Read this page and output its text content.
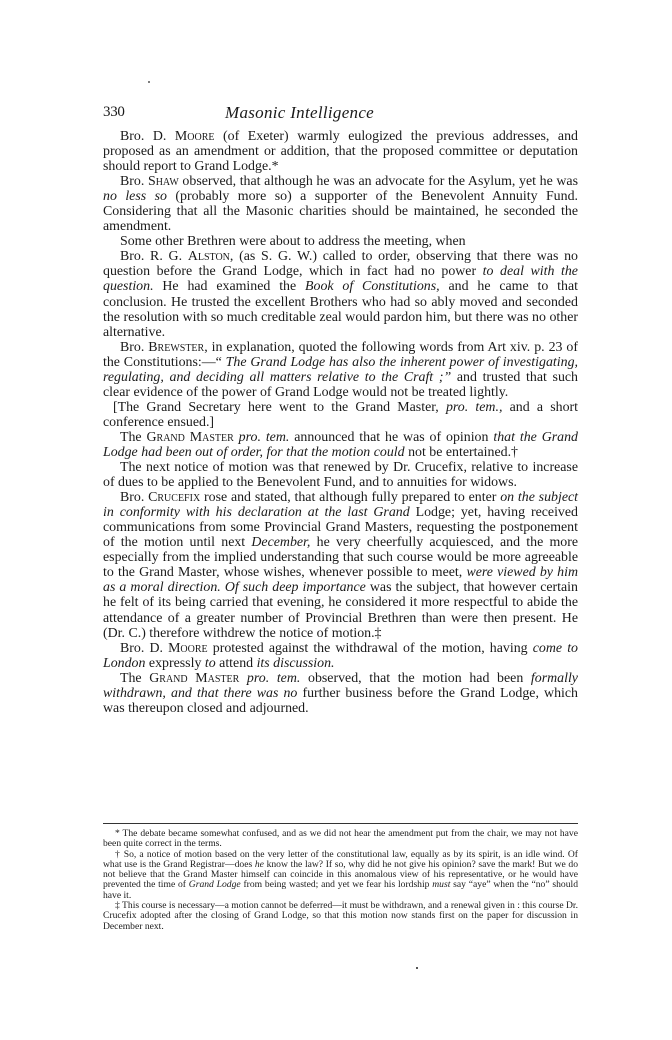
330	Masonic Intelligence

Bro. D. Moore (of Exeter) warmly eulogized the previous addresses, and proposed as an amendment or addition, that the proposed committee or deputation should report to Grand Lodge.*

Bro. Shaw observed, that although he was an advocate for the Asylum, yet he was no less so (probably more so) a supporter of the Benevolent Annuity Fund. Considering that all the Masonic charities should be maintained, he seconded the amendment.

Some other Brethren were about to address the meeting, when

Bro. R. G. Alston, (as S. G. W.) called to order, observing that there was no question before the Grand Lodge, which in fact had no power to deal with the question. He had examined the Book of Constitutions, and he came to that conclusion. He trusted the excellent Brothers who had so ably moved and seconded the resolution with so much creditable zeal would pardon him, but there was no other alternative.

Bro. Brewster, in explanation, quoted the following words from Art xiv. p. 23 of the Constitutions:—“ The Grand Lodge has also the inherent power of investigating, regulating, and deciding all matters relative to the Craft ;” and trusted that such clear evidence of the power of Grand Lodge would not be treated lightly.

[The Grand Secretary here went to the Grand Master, pro. tem., and a short conference ensued.]

The Grand Master pro. tem. announced that he was of opinion that the Grand Lodge had been out of order, for that the motion could not be entertained.†

The next notice of motion was that renewed by Dr. Crucefix, relative to increase of dues to be applied to the Benevolent Fund, and to annuities for widows.

Bro. Crucefix rose and stated, that although fully prepared to enter on the subject in conformity with his declaration at the last Grand Lodge; yet, having received communications from some Provincial Grand Masters, requesting the postponement of the motion until next December, he very cheerfully acquiesced, and the more especially from the implied understanding that such course would be more agreeable to the Grand Master, whose wishes, whenever possible to meet, were viewed by him as a moral direction. Of such deep importance was the subject, that however certain he felt of its being carried that evening, he considered it more respectful to abide the attendance of a greater number of Provincial Brethren than were then present. He (Dr. C.) therefore withdrew the notice of motion.‡

Bro. D. Moore protested against the withdrawal of the motion, having come to London expressly to attend its discussion.

The Grand Master pro. tem. observed, that the motion had been formally withdrawn, and that there was no further business before the Grand Lodge, which was thereupon closed and adjourned.

* The debate became somewhat confused, and as we did not hear the amendment put from the chair, we may not have been quite correct in the terms.

† So, a notice of motion based on the very letter of the constitutional law, equally as by its spirit, is an idle wind. Of what use is the Grand Registrar—does he know the law? If so, why did he not give his opinion? save the mark! But we do not believe that the Grand Master himself can coincide in this anomalous view of his representative, or he would have prevented the time of Grand Lodge from being wasted; and yet we fear his lordship must say “aye” when the “no” should have it.

‡ This course is necessary—a motion cannot be deferred—it must be withdrawn, and a renewal given in : this course Dr. Crucefix adopted after the closing of Grand Lodge, so that this motion now stands first on the paper for discussion in December next.
